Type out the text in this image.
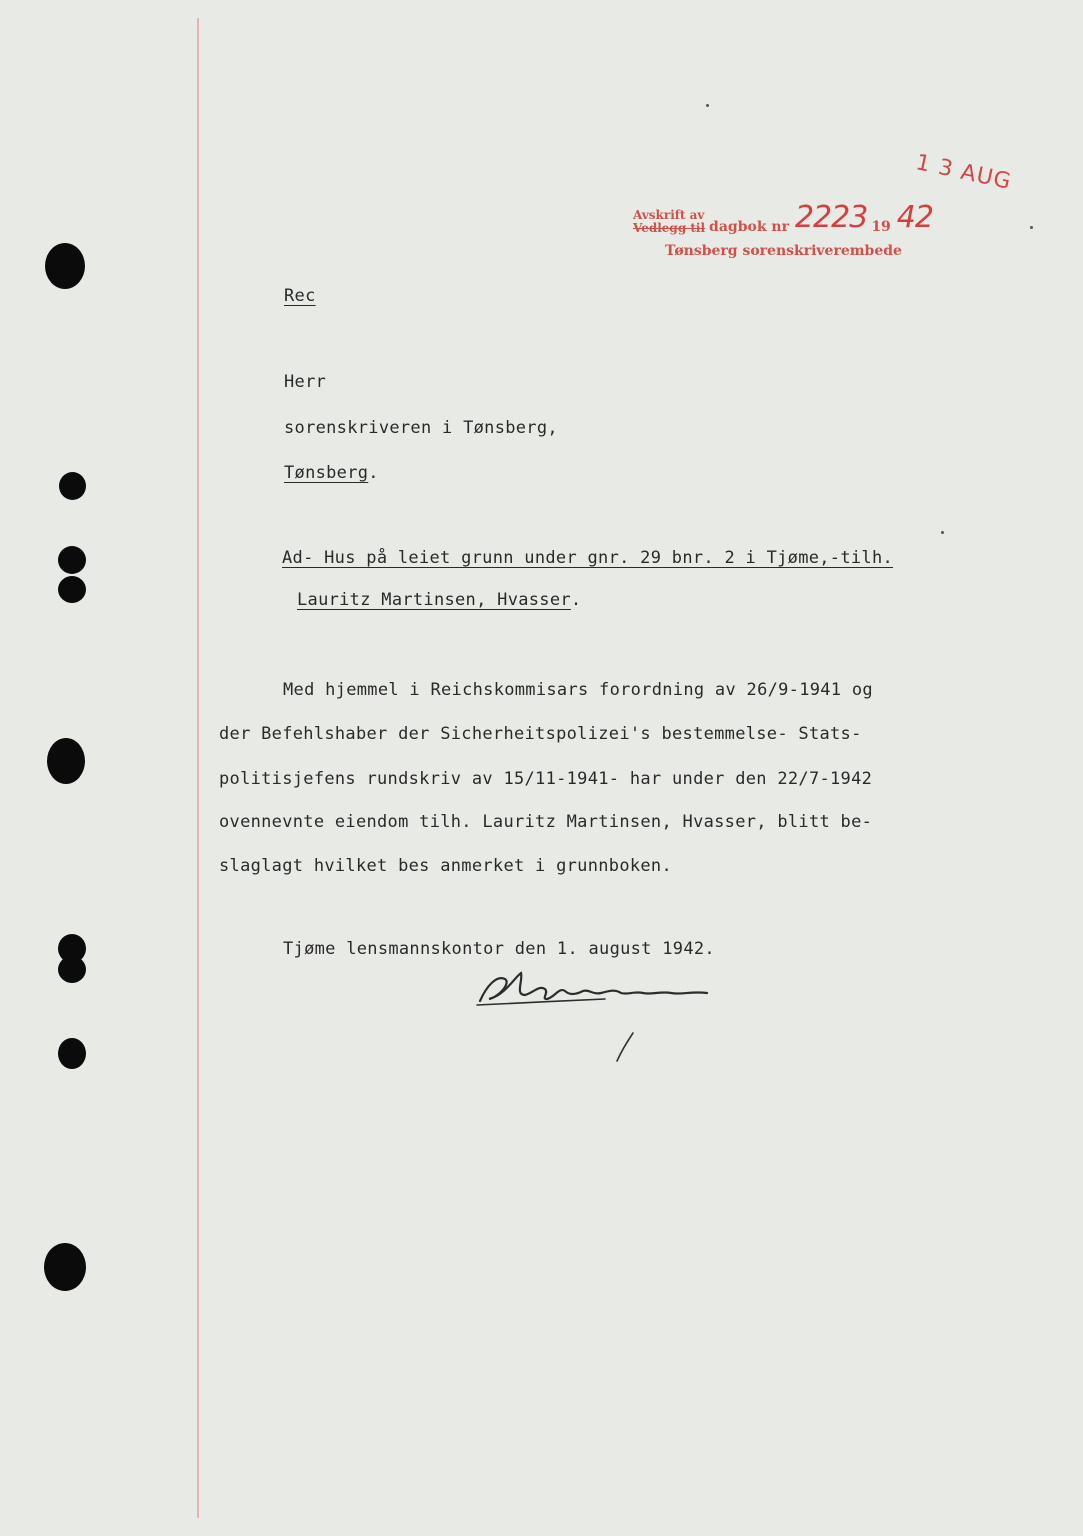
1 3 AUG
Avskrift av
Vedlegg til dagbok nr 2223 19 42
Tønsberg sorenskriverembede
Rec
Herr
sorenskriveren i Tønsberg,
Tønsberg.
Ad- Hus på leiet grunn under gnr. 29 bnr. 2 i Tjøme,-tilh.
Lauritz Martinsen, Hvasser.
Med hjemmel i Reichskommisars forordning av 26/9-1941 og
der Befehlshaber der Sicherheitspolizei's bestemmelse- Stats-
politisjefens rundskriv av 15/11-1941- har under den 22/7-1942
ovennevnte eiendom tilh. Lauritz Martinsen, Hvasser, blitt be-
slaglagt hvilket bes anmerket i grunnboken.
Tjøme lensmannskontor den 1. august 1942.
